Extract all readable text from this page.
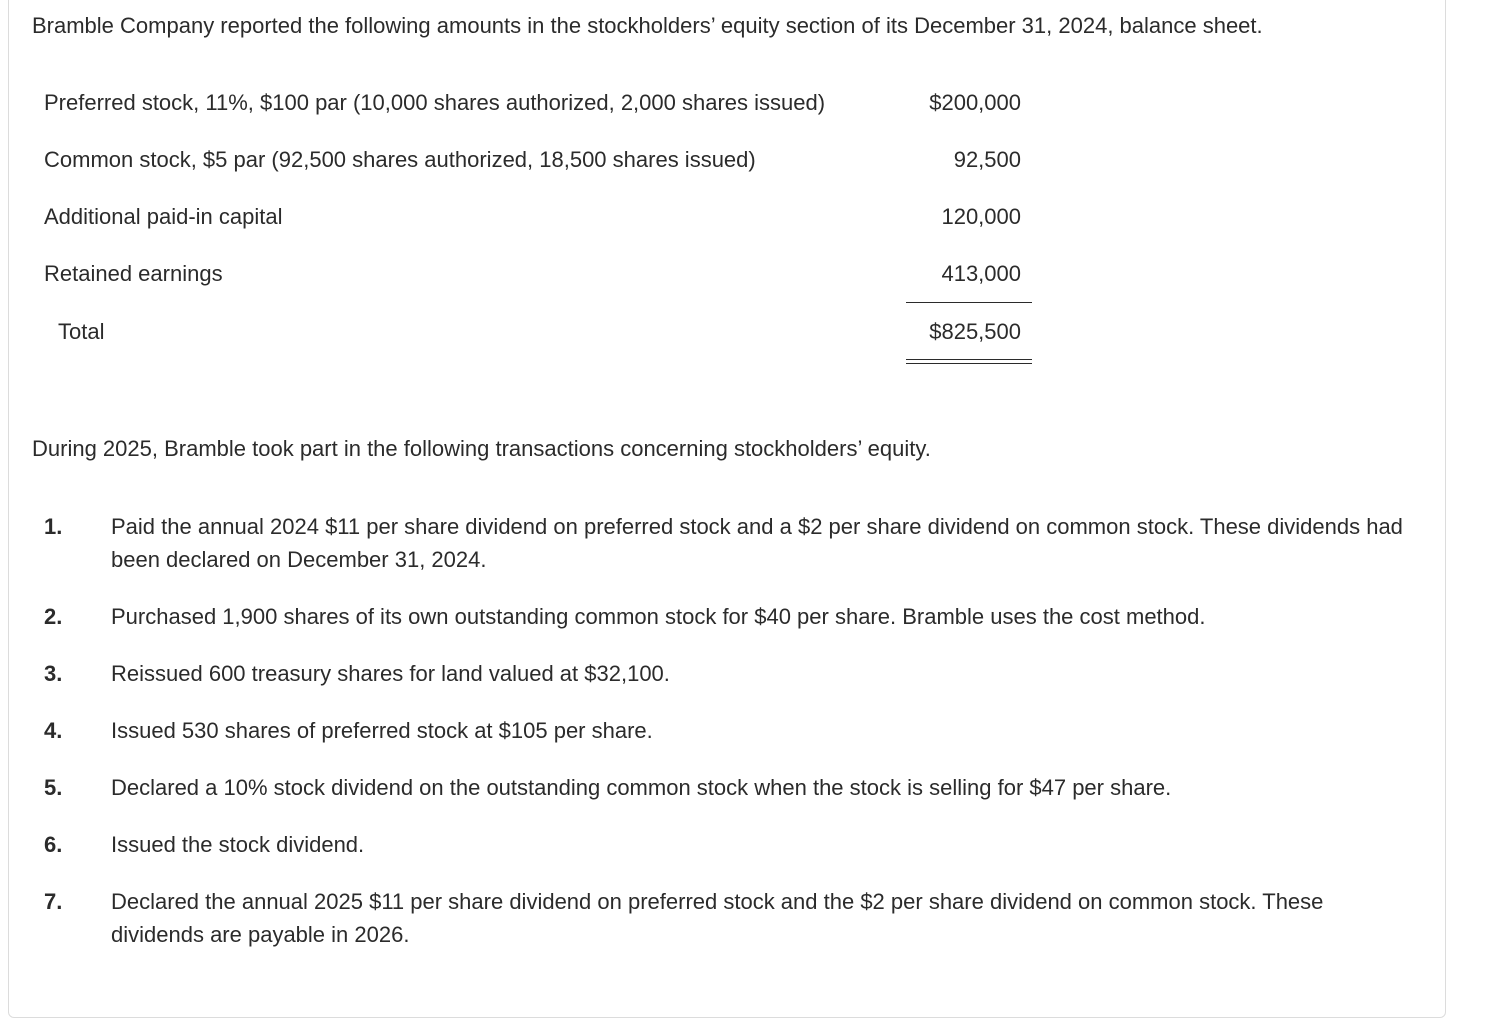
Bramble Company reported the following amounts in the stockholders’ equity section of its December 31, 2024, balance sheet.

Preferred stock, 11%, $100 par (10,000 shares authorized, 2,000 shares issued)	$200,000
Common stock, $5 par (92,500 shares authorized, 18,500 shares issued)	92,500
Additional paid-in capital	120,000
Retained earnings	413,000
Total	$825,500

During 2025, Bramble took part in the following transactions concerning stockholders’ equity.

1. Paid the annual 2024 $11 per share dividend on preferred stock and a $2 per share dividend on common stock. These dividends had been declared on December 31, 2024.
2. Purchased 1,900 shares of its own outstanding common stock for $40 per share. Bramble uses the cost method.
3. Reissued 600 treasury shares for land valued at $32,100.
4. Issued 530 shares of preferred stock at $105 per share.
5. Declared a 10% stock dividend on the outstanding common stock when the stock is selling for $47 per share.
6. Issued the stock dividend.
7. Declared the annual 2025 $11 per share dividend on preferred stock and the $2 per share dividend on common stock. These dividends are payable in 2026.
